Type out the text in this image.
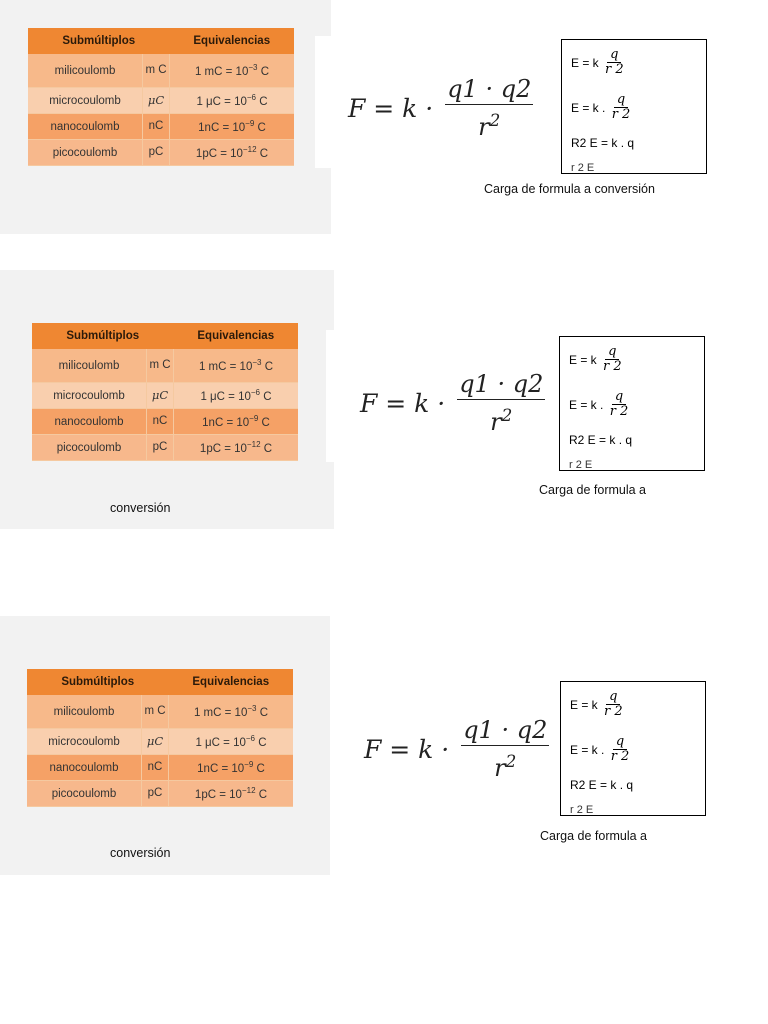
Submúltiplos		Equivalencias
milicoulomb	m C	1 mC = $10^{-3}$ C
microcoulomb	μC	1 $\mu C = 10^{-6}$ C
nanocoulomb	nC	$1nC = 10^{-9}$ C
picocoulomb	pC	$1pC = 10^{-12}$ C
$F = k \cdot \frac{q1 \cdot q2}{r^2}$
E = k
q
r 2
E = k .
q
r 2
R2 E = k . q
r 2 E
Carga de formula a conversión
Submúltiplos		Equivalencias
milicoulomb	m C	1 mC = $10^{-3}$ C
microcoulomb	μC	1 $\mu C = 10^{-6}$ C
nanocoulomb	nC	$1nC = 10^{-9}$ C
picocoulomb	pC	$1pC = 10^{-12}$ C
conversión
$F = k \cdot \frac{q1 \cdot q2}{r^2}$
E = k
q
r 2
E = k .
q
r 2
R2 E = k . q
r 2 E
Carga de formula a
Submúltiplos		Equivalencias
milicoulomb	m C	1 mC = $10^{-3}$ C
microcoulomb	μC	1 $\mu C = 10^{-6}$ C
nanocoulomb	nC	$1nC = 10^{-9}$ C
picocoulomb	pC	$1pC = 10^{-12}$ C
conversión
$F = k \cdot \frac{q1 \cdot q2}{r^2}$
E = k
q
r 2
E = k .
q
r 2
R2 E = k . q
r 2 E
Carga de formula a
